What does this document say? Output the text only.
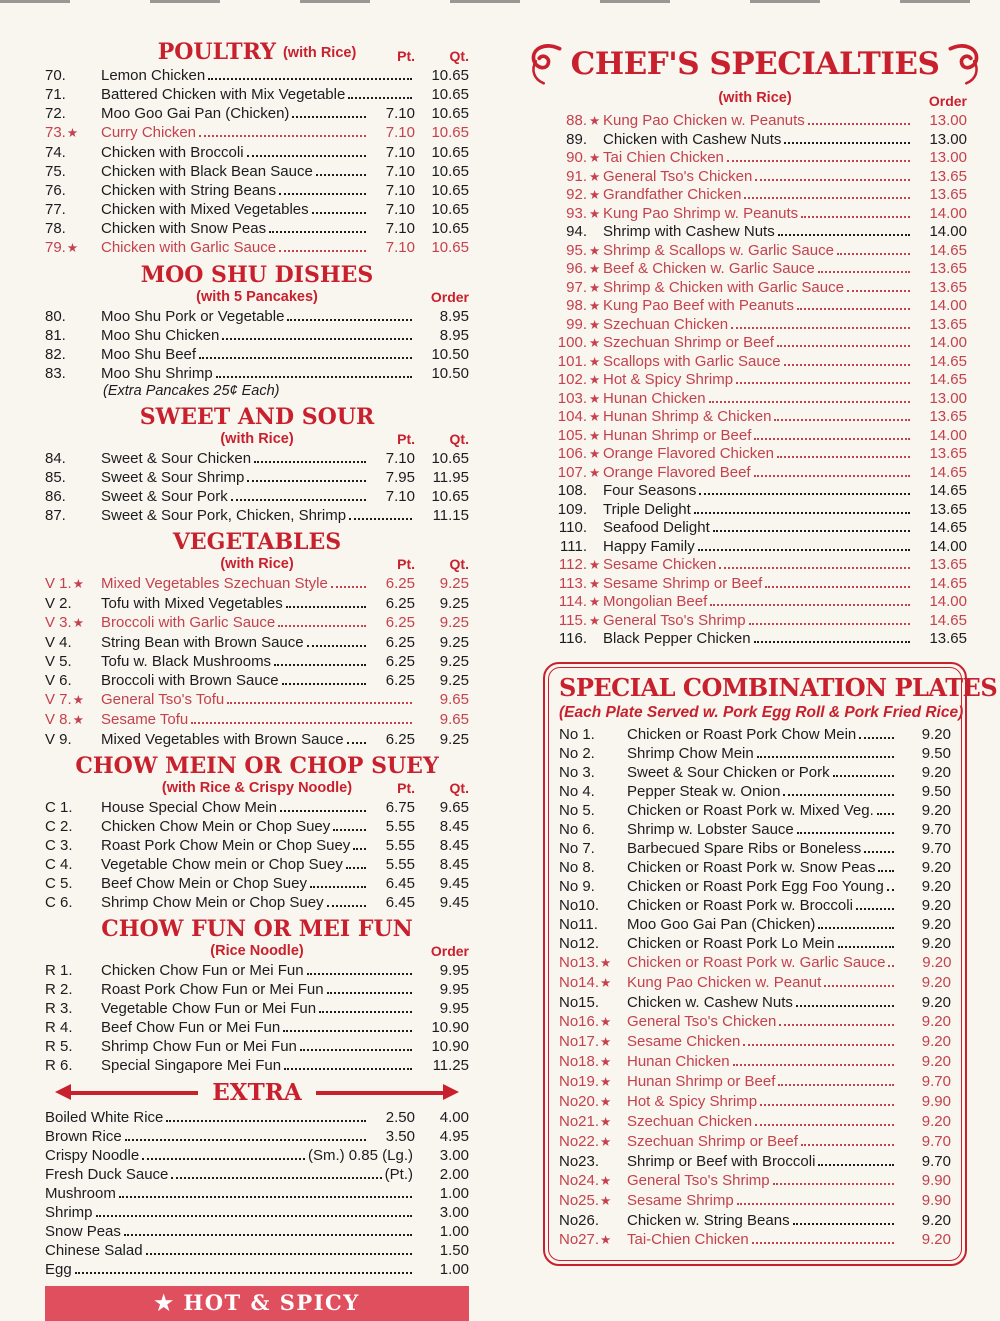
POULTRY (with Rice)	Pt.	Qt.
70.	Lemon Chicken	10.65
71.	Battered Chicken with Mix Vegetable	10.65
72.	Moo Goo Gai Pan (Chicken)	7.10	10.65
73.★	Curry Chicken	7.10	10.65
74.	Chicken with Broccoli	7.10	10.65
75.	Chicken with Black Bean Sauce	7.10	10.65
76.	Chicken with String Beans	7.10	10.65
77.	Chicken with Mixed Vegetables	7.10	10.65
78.	Chicken with Snow Peas	7.10	10.65
79.★	Chicken with Garlic Sauce	7.10	10.65
MOO SHU DISHES
(with 5 Pancakes)	Order
80.	Moo Shu Pork or Vegetable	8.95
81.	Moo Shu Chicken	8.95
82.	Moo Shu Beef	10.50
83.	Moo Shu Shrimp	10.50
(Extra Pancakes 25¢ Each)
SWEET AND SOUR
(with Rice)	Pt.	Qt.
84.	Sweet & Sour Chicken	7.10	10.65
85.	Sweet & Sour Shrimp	7.95	11.95
86.	Sweet & Sour Pork	7.10	10.65
87.	Sweet & Sour Pork, Chicken, Shrimp	11.15
VEGETABLES
(with Rice)	Pt.	Qt.
V 1.★	Mixed Vegetables Szechuan Style	6.25	9.25
V 2.	Tofu with Mixed Vegetables	6.25	9.25
V 3.★	Broccoli with Garlic Sauce	6.25	9.25
V 4.	String Bean with Brown Sauce	6.25	9.25
V 5.	Tofu w. Black Mushrooms	6.25	9.25
V 6.	Broccoli with Brown Sauce	6.25	9.25
V 7.★	General Tso's Tofu	9.65
V 8.★	Sesame Tofu	9.65
V 9.	Mixed Vegetables with Brown Sauce	6.25	9.25
CHOW MEIN OR CHOP SUEY
(with Rice & Crispy Noodle)	Pt.	Qt.
C 1.	House Special Chow Mein	6.75	9.65
C 2.	Chicken Chow Mein or Chop Suey	5.55	8.45
C 3.	Roast Pork Chow Mein or Chop Suey	5.55	8.45
C 4.	Vegetable Chow mein or Chop Suey	5.55	8.45
C 5.	Beef Chow Mein or Chop Suey	6.45	9.45
C 6.	Shrimp Chow Mein or Chop Suey	6.45	9.45
CHOW FUN OR MEI FUN
(Rice Noodle)	Order
R 1.	Chicken Chow Fun or Mei Fun	9.95
R 2.	Roast Pork Chow Fun or Mei Fun	9.95
R 3.	Vegetable Chow Fun or Mei Fun	9.95
R 4.	Beef Chow Fun or Mei Fun	10.90
R 5.	Shrimp Chow Fun or Mei Fun	10.90
R 6.	Special Singapore Mei Fun	11.25
EXTRA
Boiled White Rice	2.50	4.00
Brown Rice	3.50	4.95
Crispy Noodle	(Sm.) 0.85 (Lg.)	3.00
Fresh Duck Sauce	(Pt.)	2.00
Mushroom	1.00
Shrimp	3.00
Snow Peas	1.00
Chinese Salad	1.50
Egg	1.00
★ HOT & SPICY
CHEF'S SPECIALTIES
(with Rice)	Order
88. ★ Kung Pao Chicken w. Peanuts	13.00
89. Chicken with Cashew Nuts	13.00
90. ★ Tai Chien Chicken	13.00
91. ★ General Tso's Chicken	13.65
92. ★ Grandfather Chicken	13.65
93. ★ Kung Pao Shrimp w. Peanuts	14.00
94. Shrimp with Cashew Nuts	14.00
95. ★ Shrimp & Scallops w. Garlic Sauce	14.65
96. ★ Beef & Chicken w. Garlic Sauce	13.65
97. ★ Shrimp & Chicken with Garlic Sauce	13.65
98. ★ Kung Pao Beef with Peanuts	14.00
99. ★ Szechuan Chicken	13.65
100. ★ Szechuan Shrimp or Beef	14.00
101. ★ Scallops with Garlic Sauce	14.65
102. ★ Hot & Spicy Shrimp	14.65
103. ★ Hunan Chicken	13.00
104. ★ Hunan Shrimp & Chicken	13.65
105. ★ Hunan Shrimp or Beef	14.00
106. ★ Orange Flavored Chicken	13.65
107. ★ Orange Flavored Beef	14.65
108. Four Seasons	14.65
109. Triple Delight	13.65
110. Seafood Delight	14.65
111. Happy Family	14.00
112. ★ Sesame Chicken	13.65
113. ★ Sesame Shrimp or Beef	14.65
114. ★ Mongolian Beef	14.00
115. ★ General Tso's Shrimp	14.65
116. Black Pepper Chicken	13.65
SPECIAL COMBINATION PLATES
(Each Plate Served w. Pork Egg Roll & Pork Fried Rice)
No 1.	Chicken or Roast Pork Chow Mein	9.20
No 2.	Shrimp Chow Mein	9.50
No 3.	Sweet & Sour Chicken or Pork	9.20
No 4.	Pepper Steak w. Onion	9.50
No 5.	Chicken or Roast Pork w. Mixed Veg.	9.20
No 6.	Shrimp w. Lobster Sauce	9.70
No 7.	Barbecued Spare Ribs or Boneless	9.70
No 8.	Chicken or Roast Pork w. Snow Peas	9.20
No 9.	Chicken or Roast Pork Egg Foo Young	9.20
No10.	Chicken or Roast Pork w. Broccoli	9.20
No11.	Moo Goo Gai Pan (Chicken)	9.20
No12.	Chicken or Roast Pork Lo Mein	9.20
No13.★	Chicken or Roast Pork w. Garlic Sauce	9.20
No14.★	Kung Pao Chicken w. Peanut	9.20
No15.	Chicken w. Cashew Nuts	9.20
No16.★	General Tso's Chicken	9.20
No17.★	Sesame Chicken	9.20
No18.★	Hunan Chicken	9.20
No19.★	Hunan Shrimp or Beef	9.70
No20.★	Hot & Spicy Shrimp	9.90
No21.★	Szechuan Chicken	9.20
No22.★	Szechuan Shrimp or Beef	9.70
No23.	Shrimp or Beef with Broccoli	9.70
No24.★	General Tso's Shrimp	9.90
No25.★	Sesame Shrimp	9.90
No26.	Chicken w. String Beans	9.20
No27.★	Tai-Chien Chicken	9.20
